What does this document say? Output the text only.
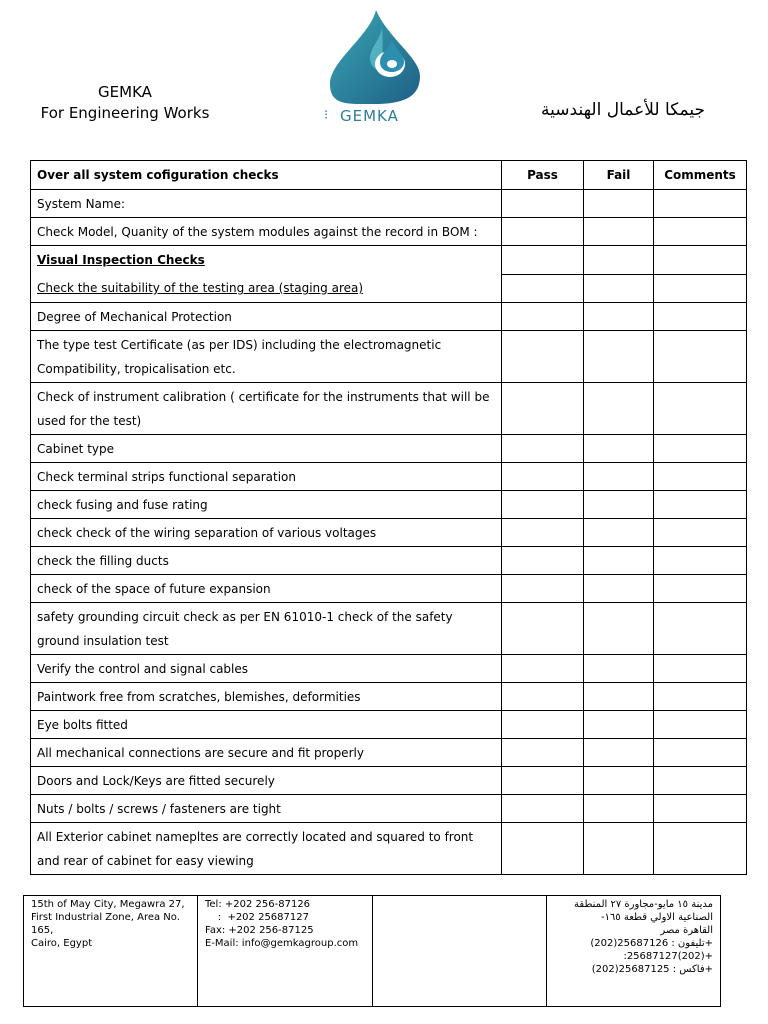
GEMKA
For Engineering Works	⁝ GEMKA	جيمكا للأعمال الهندسية
Over all system cofiguration checks	Pass	Fail	Comments
System Name:			
Check Model, Quanity of the system modules against the record in BOM :			

Visual Inspection Checks
Check the suitability of the testing area (staging area)			

Degree of Mechanical Protection			
The type test Certificate (as per IDS) including the electromagnetic Compatibility, tropicalisation etc.			
Check of instrument calibration ( certificate for the instruments that will be used for the test)			
Cabinet type			
Check terminal strips functional separation			
check fusing and fuse rating			
check check of the wiring separation of various voltages			
check the filling ducts			
check of the space of future expansion			
safety grounding circuit check as per EN 61010-1 check of the safety ground insulation test			
Verify the control and signal cables			
Paintwork free from scratches, blemishes, deformities			
Eye bolts fitted			
All mechanical connections are secure and fit properly			
Doors and Lock/Keys are fitted securely			
Nuts / bolts / screws / fasteners are tight			
All Exterior cabinet namepltes are correctly located and squared to front and rear of cabinet for easy viewing			
15th of May City, Megawra 27,
First Industrial Zone, Area No. 165,
Cairo, Egypt

Tel: +202 256-87126
:  +202 25687127
Fax: +202 256-87125
E-Mail: info@gemkagroup.com

مدينة ١٥ مايو-مجاورة ٢٧ المنطقة
الصناعية الاولي قطعة ١٦٥-
القاهرة مصر
+تليفون : 25687126(202)
+(202)25687127:
+فاكس : 25687125(202)
